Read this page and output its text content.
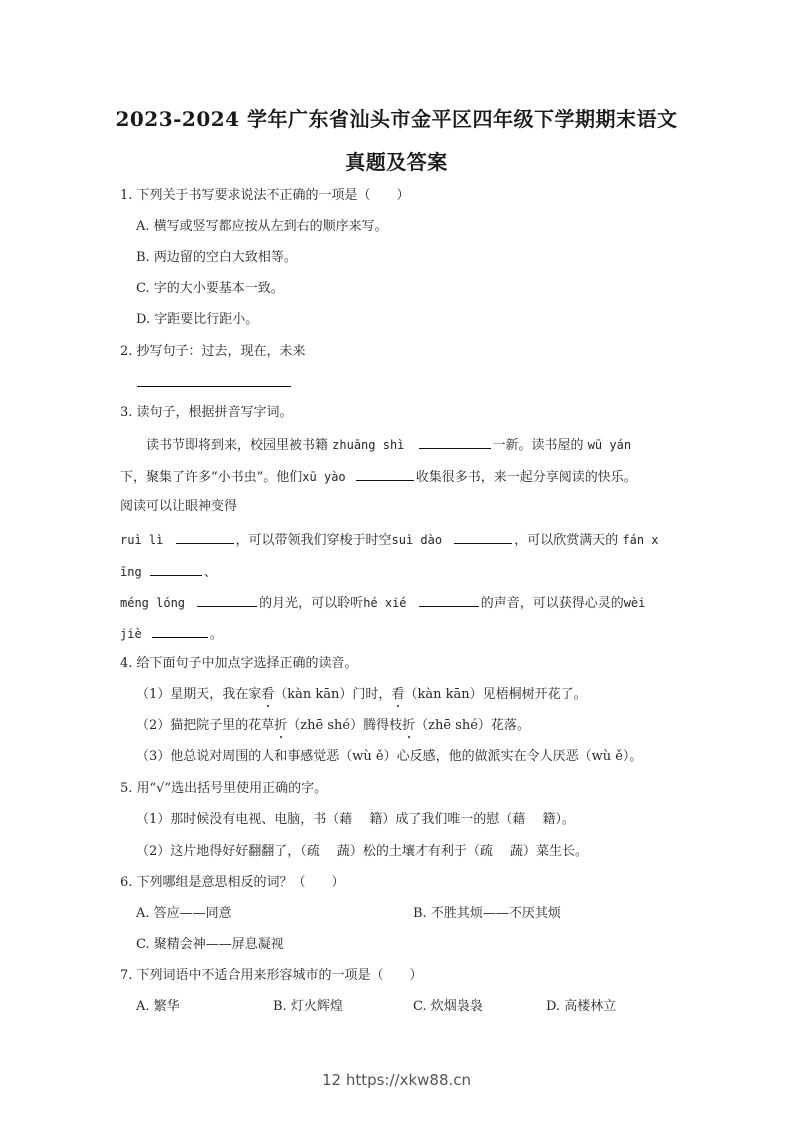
2023-2024 学年广东省汕头市金平区四年级下学期期末语文
真题及答案
1. 下列关于书写要求说法不正确的一项是（　　）
A. 横写或竖写都应按从左到右的顺序来写。
B. 两边留的空白大致相等。
C. 字的大小要基本一致。
D. 字距要比行距小。
2. 抄写句子：过去，现在，未来
3. 读句子，根据拼音写字词。
读书节即将到来，校园里被书籍 zhuāng shì	一新。读书屋的 wū yán
下，聚集了许多“小书虫”。他们xū yào	收集很多书，来一起分享阅读的快乐。
阅读可以让眼神变得
ruì lì	，可以带领我们穿梭于时空suì dào	，可以欣赏满天的 fán x
īng	、
méng lóng	的月光，可以聆听hé xié	的声音，可以获得心灵的wèi
jiè	。
4. 给下面句子中加点字选择正确的读音。
（1）星期天，我在家看（kàn kān）门时，看（kàn kān）见梧桐树开花了。
（2）猫把院子里的花草折（zhē shé）腾得枝折（zhē shé）花落。
（3）他总说对周围的人和事感觉恶（wù ě）心反感，他的做派实在令人厌恶（wù ě）。
5. 用“√”选出括号里使用正确的字。
（1）那时候没有电视、电脑，书（藉　 籍）成了我们唯一的慰（藉　 籍）。
（2）这片地得好好翻翻了，（疏　 蔬）松的土壤才有利于（疏　 蔬）菜生长。
6. 下列哪组是意思相反的词？（　　）
A. 答应——同意	B. 不胜其烦——不厌其烦
C. 聚精会神——屏息凝视
7. 下列词语中不适合用来形容城市的一项是（　　）
A. 繁华	B. 灯火辉煌	C. 炊烟袅袅	D. 高楼林立
12 https://xkw88.cn
